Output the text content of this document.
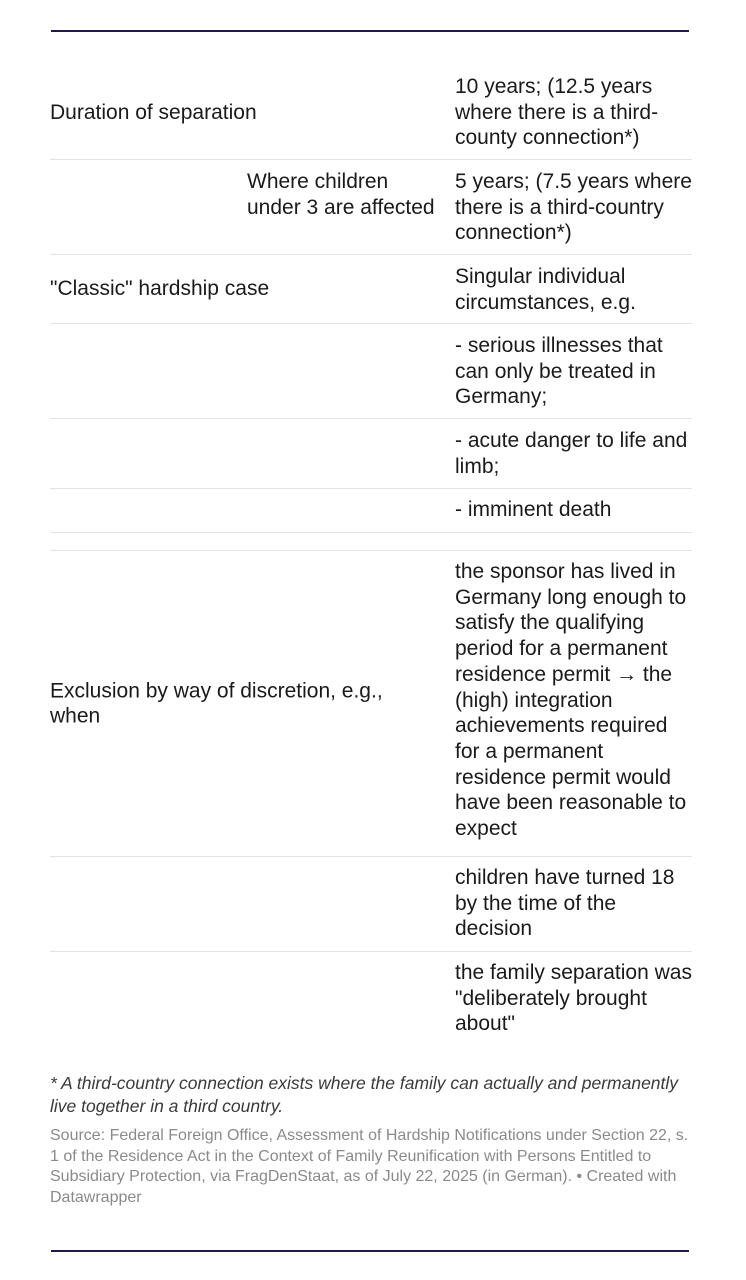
Duration of separation
10 years; (12.5 years where there is a third-county connection*)
Where children under 3 are affected
5 years; (7.5 years where there is a third-country connection*)
"Classic" hardship case
Singular individual circumstances, e.g.
- serious illnesses that can only be treated in Germany;
- acute danger to life and limb;
- imminent death
Exclusion by way of discretion, e.g., when
the sponsor has lived in Germany long enough to satisfy the qualifying period for a permanent residence permit → the (high) integration achievements required for a permanent residence permit would have been reasonable to expect
children have turned 18 by the time of the decision
the family separation was "deliberately brought about"
* A third-country connection exists where the family can actually and permanently live together in a third country.
Source: Federal Foreign Office, Assessment of Hardship Notifications under Section 22, s. 1 of the Residence Act in the Context of Family Reunification with Persons Entitled to Subsidiary Protection, via FragDenStaat, as of July 22, 2025 (in German). • Created with Datawrapper
